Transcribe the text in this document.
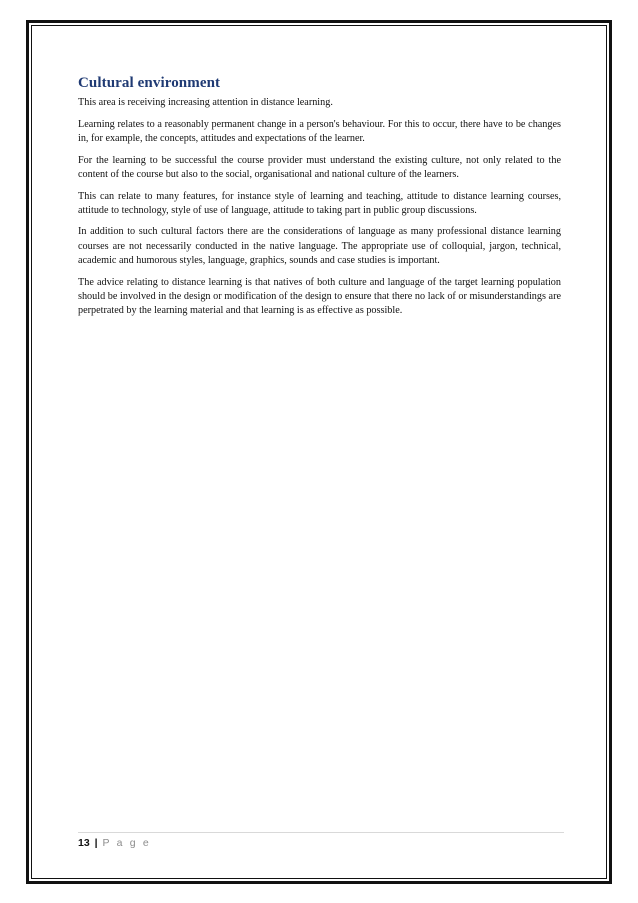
Cultural environment

This area is receiving increasing attention in distance learning.

Learning relates to a reasonably permanent change in a person's behaviour. For this to occur, there have to be changes in, for example, the concepts, attitudes and expectations of the learner.

For the learning to be successful the course provider must understand the existing culture, not only related to the content of the course but also to the social, organisational and national culture of the learners.

This can relate to many features, for instance style of learning and teaching, attitude to distance learning courses, attitude to technology, style of use of language, attitude to taking part in public group discussions.

In addition to such cultural factors there are the considerations of language as many professional distance learning courses are not necessarily conducted in the native language. The appropriate use of colloquial, jargon, technical, academic and humorous styles, language, graphics, sounds and case studies is important.

The advice relating to distance learning is that natives of both culture and language of the target learning population should be involved in the design or modification of the design to ensure that there no lack of or misunderstandings are perpetrated by the learning material and that learning is as effective as possible.

13 | P a g e
